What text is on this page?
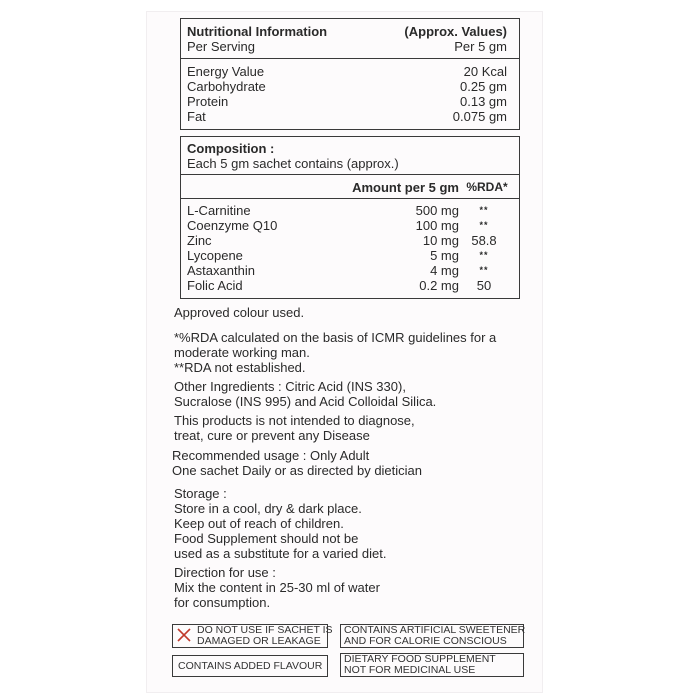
Nutritional Information	(Approx. Values)
Per Serving	Per 5 gm
Energy Value	20 Kcal
Carbohydrate	0.25 gm
Protein	0.13 gm
Fat	0.075 gm
Composition :
Each 5 gm sachet contains (approx.)
Amount per 5 gm %RDA*
L-Carnitine	500 mg	**
Coenzyme Q10	100 mg	**
Zinc	10 mg 58.8
Lycopene	5 mg	**
Astaxanthin	4 mg	**
Folic Acid	0.2 mg	50
Approved colour used.
*%RDA calculated on the basis of ICMR guidelines for a
moderate working man.
**RDA not established.
Other Ingredients : Citric Acid (INS 330),
Sucralose (INS 995) and Acid Colloidal Silica.
This products is not intended to diagnose,
treat, cure or prevent any Disease
Recommended usage : Only Adult
One sachet Daily or as directed by dietician
Storage :
Store in a cool, dry & dark place.
Keep out of reach of children.
Food Supplement should not be
used as a substitute for a varied diet.
Direction for use :
Mix the content in 25-30 ml of water
for consumption.
DO NOT USE IF SACHET IS
DAMAGED OR LEAKAGE
CONTAINS ARTIFICIAL SWEETENER
AND FOR CALORIE CONSCIOUS
CONTAINS ADDED FLAVOUR
DIETARY FOOD SUPPLEMENT
NOT FOR MEDICINAL USE
